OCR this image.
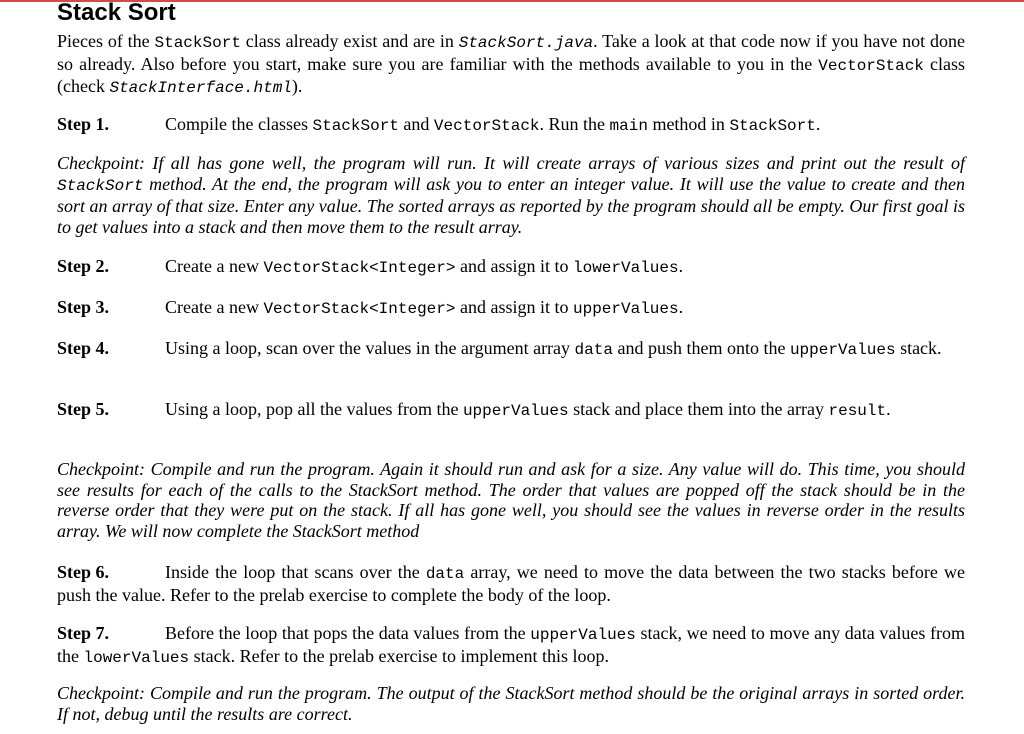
Stack Sort
Pieces of the StackSort class already exist and are in StackSort.java. Take a look at that code now if you have not done so already. Also before you start, make sure you are familiar with the methods available to you in the VectorStack class (check StackInterface.html).
Step 1.	Compile the classes StackSort and VectorStack. Run the main method in StackSort.
Checkpoint: If all has gone well, the program will run. It will create arrays of various sizes and print out the result of StackSort method. At the end, the program will ask you to enter an integer value. It will use the value to create and then sort an array of that size. Enter any value. The sorted arrays as reported by the program should all be empty. Our first goal is to get values into a stack and then move them to the result array.
Step 2.	Create a new VectorStack<Integer> and assign it to lowerValues.
Step 3.	Create a new VectorStack<Integer> and assign it to upperValues.
Step 4.	Using a loop, scan over the values in the argument array data and push them onto the upperValues stack.
Step 5.	Using a loop, pop all the values from the upperValues stack and place them into the array result.
Checkpoint: Compile and run the program. Again it should run and ask for a size. Any value will do. This time, you should see results for each of the calls to the StackSort method. The order that values are popped off the stack should be in the reverse order that they were put on the stack. If all has gone well, you should see the values in reverse order in the results array. We will now complete the StackSort method
Step 6.	Inside the loop that scans over the data array, we need to move the data between the two stacks before we push the value. Refer to the prelab exercise to complete the body of the loop.
Step 7.	Before the loop that pops the data values from the upperValues stack, we need to move any data values from the lowerValues stack. Refer to the prelab exercise to implement this loop.
Checkpoint: Compile and run the program. The output of the StackSort method should be the original arrays in sorted order. If not, debug until the results are correct.
